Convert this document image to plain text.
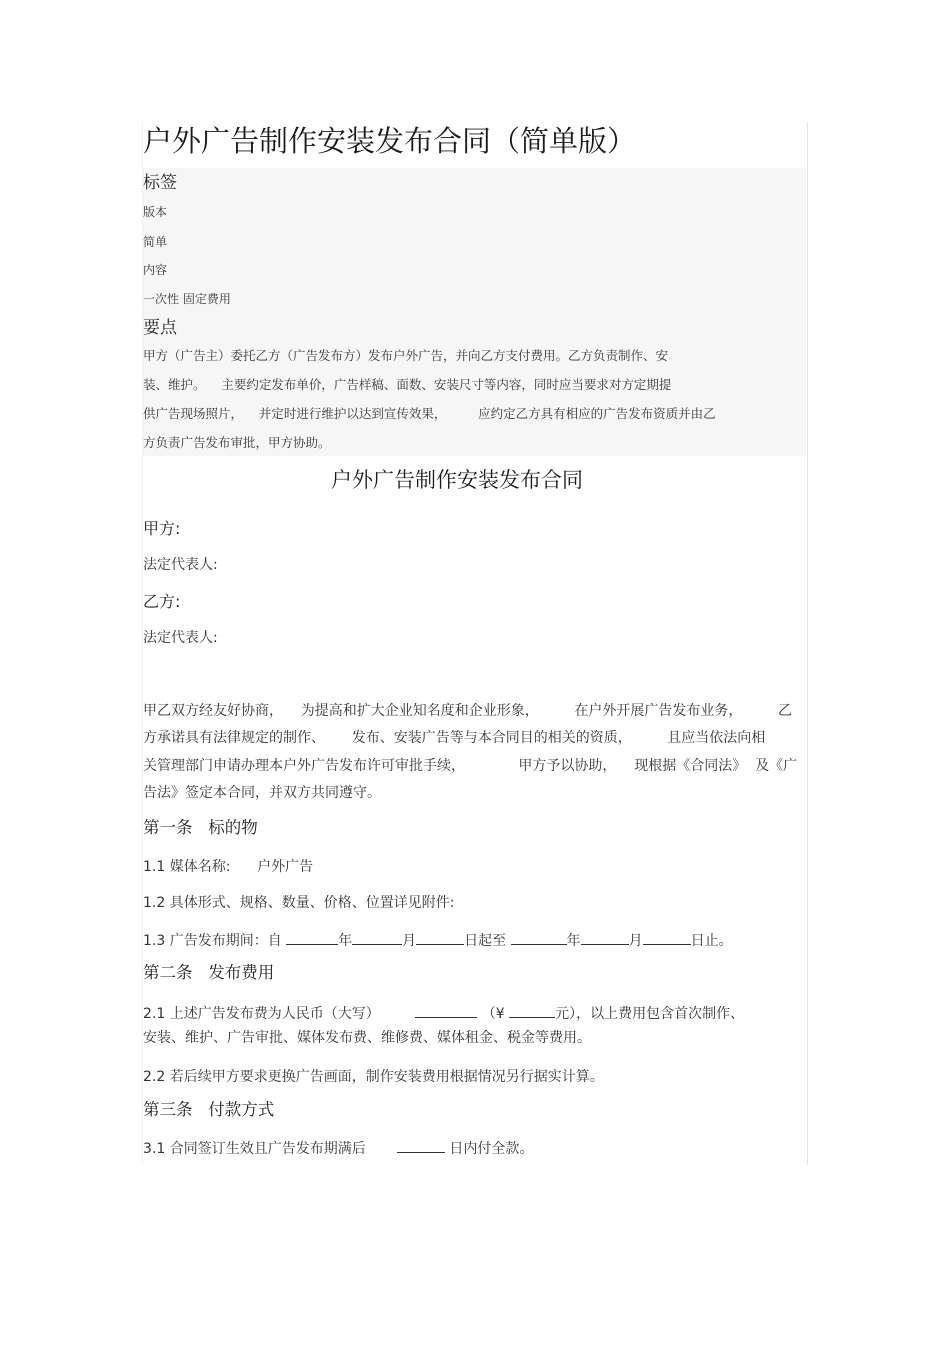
户外广告制作安装发布合同（简单版）
标签
版本
简单
内容
一次性 固定费用
要点
甲方（广告主）委托乙方（广告发布方）发布户外广告，并向乙方支付费用。乙方负责制作、安
装、维护。    主要约定发布单价，广告样稿、面数、安装尺寸等内容，同时应当要求对方定期提
供广告现场照片，    并定时进行维护以达到宣传效果，        应约定乙方具有相应的广告发布资质并由乙
方负责广告发布审批，甲方协助。
户外广告制作安装发布合同
甲方:
法定代表人:
乙方:
法定代表人:
甲乙双方经友好协商，    为提高和扩大企业知名度和企业形象，        在户外开展广告发布业务，        乙
方承诺具有法律规定的制作、      发布、安装广告等与本合同目的相关的资质，        且应当依法向相
关管理部门申请办理本户外广告发布许可审批手续，            甲方予以协助，    现根据《合同法》  及《广
告法》签定本合同，并双方共同遵守。
第一条   标的物
1.1 媒体名称:      户外广告
1.2 具体形式、规格、数量、价格、位置详见附件:
1.3 广告发布期间：自	年	月	日起至	年	月	日止。
第二条   发布费用
2.1 上述广告发布费为人民币（大写）	（¥	元），以上费用包含首次制作、
安装、维护、广告审批、媒体发布费、维修费、媒体租金、税金等费用。
2.2 若后续甲方要求更换广告画面，制作安装费用根据情况另行据实计算。
第三条   付款方式
3.1 合同签订生效且广告发布期满后	日内付全款。
